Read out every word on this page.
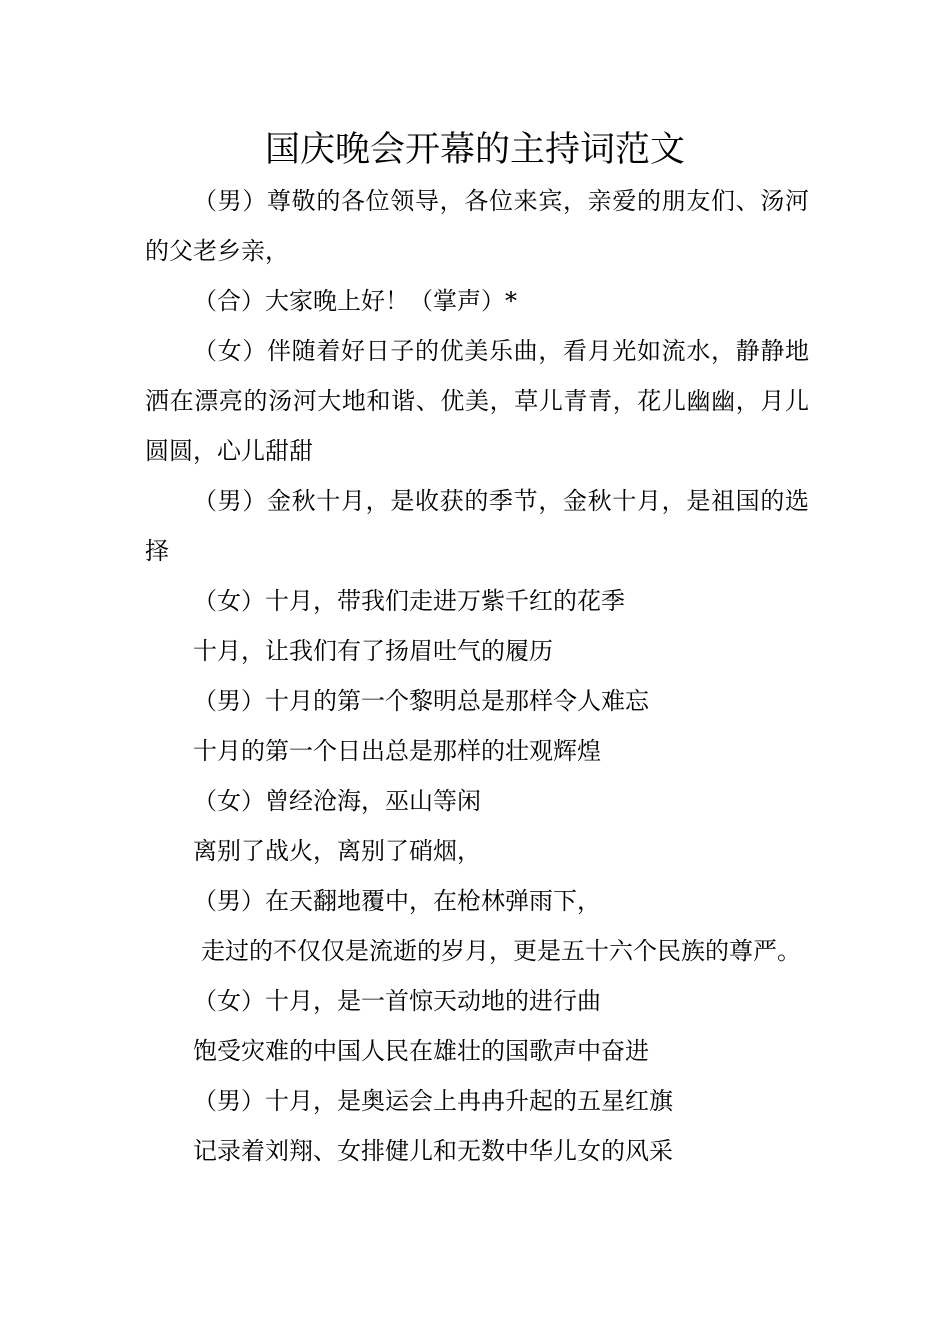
国庆晚会开幕的主持词范文

（男）尊敬的各位领导，各位来宾，亲爱的朋友们、汤河的父老乡亲，

（合）大家晚上好！（掌声）*

（女）伴随着好日子的优美乐曲，看月光如流水，静静地洒在漂亮的汤河大地和谐、优美，草儿青青，花儿幽幽，月儿圆圆，心儿甜甜

（男）金秋十月，是收获的季节，金秋十月，是祖国的选择

（女）十月，带我们走进万紫千红的花季

十月，让我们有了扬眉吐气的履历

（男）十月的第一个黎明总是那样令人难忘

十月的第一个日出总是那样的壮观辉煌

（女）曾经沧海，巫山等闲

离别了战火，离别了硝烟，

（男）在天翻地覆中，在枪林弹雨下，

走过的不仅仅是流逝的岁月，更是五十六个民族的尊严。

（女）十月，是一首惊天动地的进行曲

饱受灾难的中国人民在雄壮的国歌声中奋进

（男）十月，是奥运会上冉冉升起的五星红旗

记录着刘翔、女排健儿和无数中华儿女的风采
